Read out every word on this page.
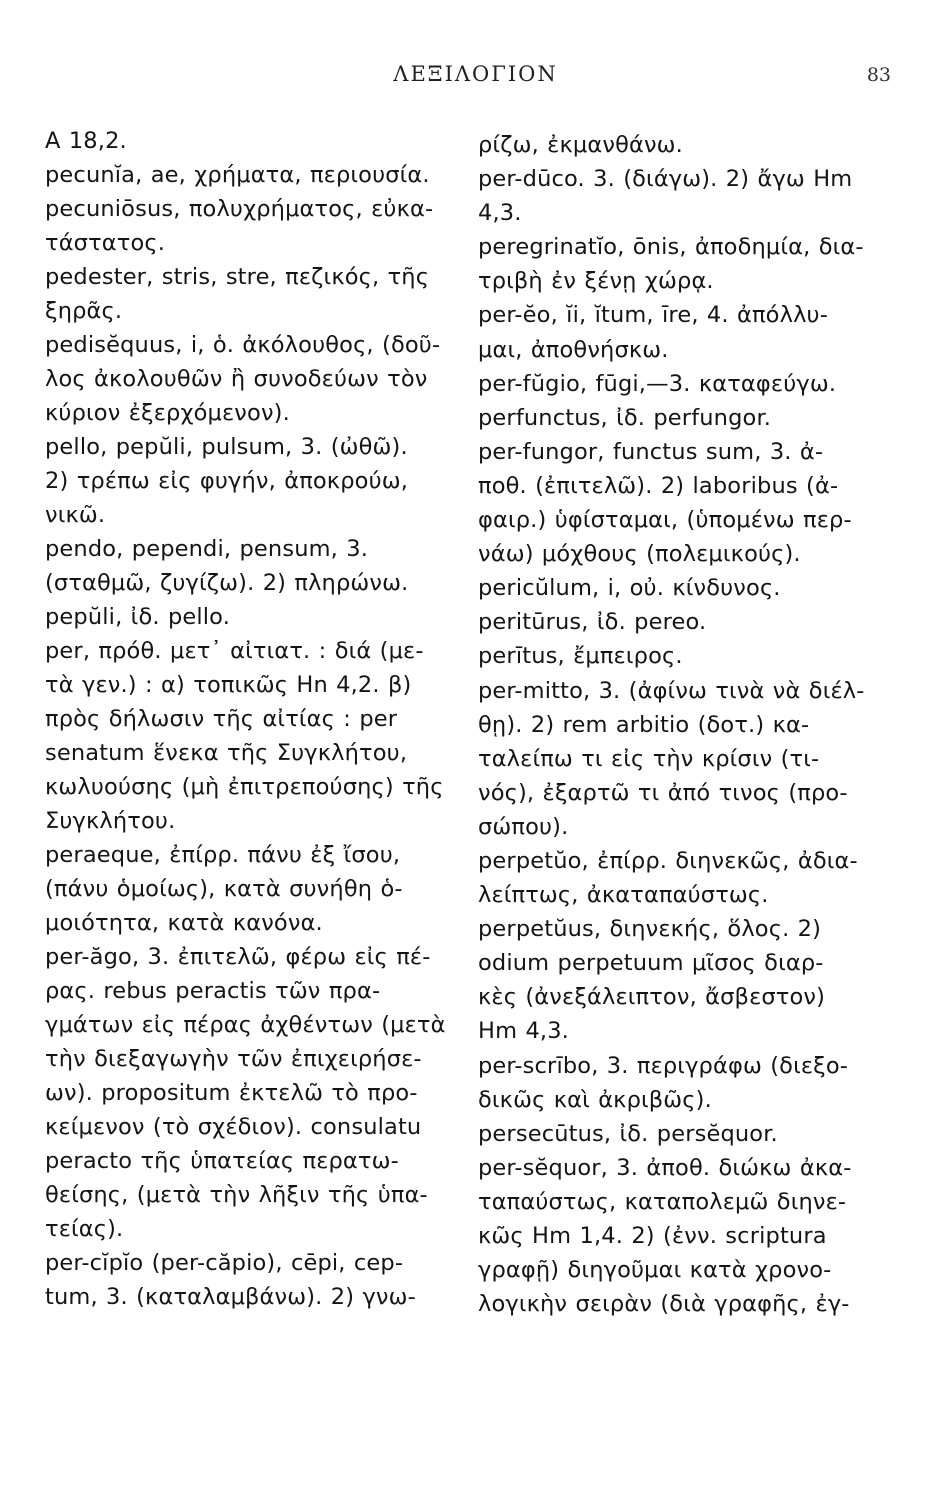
ΛΕΞΙΛΟΓΙΟΝ	83
A 18,2.
pecunĭa, ae, χρήματα, περιουσία.
pecuniōsus, πολυχρήματος, εὐκα-
τάστατος.
pedester, stris, stre, πεζικός, τῆς
ξηρᾶς.
pedisĕquus, i, ὁ. ἀκόλουθος, (δοῦ-
λος ἀκολουθῶν ἢ συνοδεύων τὸν
κύριον ἐξερχόμενον).
pello, pepŭli, pulsum, 3. (ὠθῶ).
2) τρέπω εἰς φυγήν, ἀποκρούω,
νικῶ.
pendo, pependi, pensum, 3.
(σταθμῶ, ζυγίζω). 2) πληρώνω.
pepŭli, ἰδ. pello.
per, πρόθ. μετ᾽ αἰτιατ. : διά (με-
τὰ γεν.) : α) τοπικῶς Hn 4,2. β)
πρὸς δήλωσιν τῆς αἰτίας : per
senatum ἕνεκα τῆς Συγκλήτου,
κωλυούσης (μὴ ἐπιτρεπούσης) τῆς
Συγκλήτου.
peraeque, ἐπίρρ. πάνυ ἐξ ἴσου,
(πάνυ ὁμοίως), κατὰ συνήθη ὁ-
μοιότητα, κατὰ κανόνα.
per-ăgo, 3. ἐπιτελῶ, φέρω εἰς πέ-
ρας. rebus peractis τῶν πρα-
γμάτων εἰς πέρας ἀχθέντων (μετὰ
τὴν διεξαγωγὴν τῶν ἐπιχειρήσε-
ων). propositum ἐκτελῶ τὸ προ-
κείμενον (τὸ σχέδιον). consulatu
peracto τῆς ὑπατείας περατω-
θείσης, (μετὰ τὴν λῆξιν τῆς ὑπα-
τείας).
per-cĭpĭo (per-căpio), cēpi, cep-
tum, 3. (καταλαμβάνω). 2) γνω-
ρίζω, ἐκμανθάνω.
per-dūco. 3. (διάγω). 2) ἄγω Hm
4,3.
peregrinatĭo, ōnis, ἀποδημία, δια-
τριβὴ ἐν ξένῃ χώρᾳ.
per-ĕo, ĭi, ĭtum, īre, 4. ἀπόλλυ-
μαι, ἀποθνήσκω.
per-fŭgio, fūgi,—3. καταφεύγω.
perfunctus, ἰδ. perfungor.
per-fungor, functus sum, 3. ἀ-
ποθ. (ἐπιτελῶ). 2) laboribus (ἀ-
φαιρ.) ὑφίσταμαι, (ὑπομένω περ-
νάω) μόχθους (πολεμικούς).
pericŭlum, i, οὐ. κίνδυνος.
peritūrus, ἰδ. pereo.
perītus, ἔμπειρος.
per-mitto, 3. (ἀφίνω τινὰ νὰ διέλ-
θῃ). 2) rem arbitio (δοτ.) κα-
ταλείπω τι εἰς τὴν κρίσιν (τι-
νός), ἐξαρτῶ τι ἀπό τινος (προ-
σώπου).
perpetŭo, ἐπίρρ. διηνεκῶς, ἀδια-
λείπτως, ἀκαταπαύστως.
perpetŭus, διηνεκής, ὅλος. 2)
odium perpetuum μῖσος διαρ-
κὲς (ἀνεξάλειπτον, ἄσβεστον)
Hm 4,3.
per-scrībo, 3. περιγράφω (διεξο-
δικῶς καὶ ἀκριβῶς).
persecūtus, ἰδ. persĕquor.
per-sĕquor, 3. ἀποθ. διώκω ἀκα-
ταπαύστως, καταπολεμῶ διηνε-
κῶς Hm 1,4. 2) (ἐνν. scriptura
γραφῇ) διηγοῦμαι κατὰ χρονο-
λογικὴν σειρὰν (διὰ γραφῆς, ἐγ-
